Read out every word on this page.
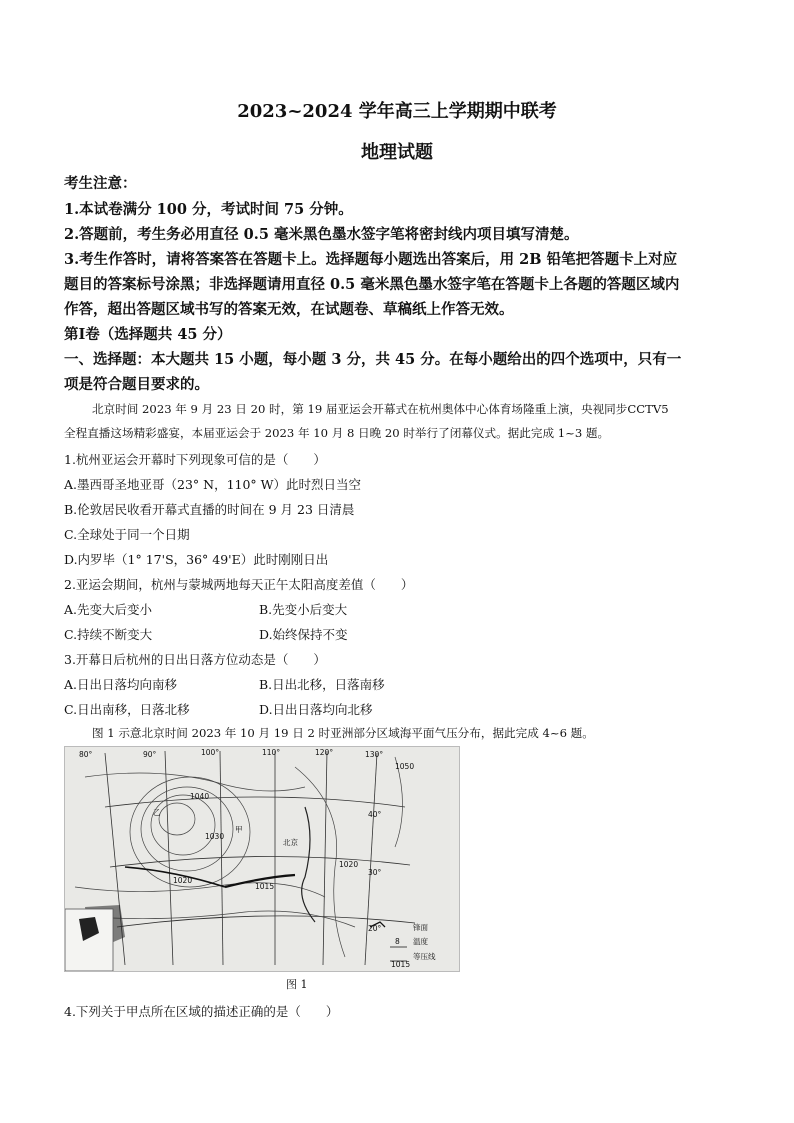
2023~2024 学年高三上学期期中联考
地理试题
考生注意：
1.本试卷满分 100 分，考试时间 75 分钟。
2.答题前，考生务必用直径 0.5 毫米黑色墨水签字笔将密封线内项目填写清楚。
3.考生作答时，请将答案答在答题卡上。选择题每小题选出答案后，用 2B 铅笔把答题卡上对应
题目的答案标号涂黑；非选择题请用直径 0.5 毫米黑色墨水签字笔在答题卡上各题的答题区域内
作答，超出答题区域书写的答案无效，在试题卷、草稿纸上作答无效。
第Ⅰ卷（选择题共 45 分）
一、选择题：本大题共 15 小题，每小题 3 分，共 45 分。在每小题给出的四个选项中，只有一
项是符合题目要求的。
北京时间 2023 年 9 月 23 日 20 时，第 19 届亚运会开幕式在杭州奥体中心体育场隆重上演，央视同步CCTV5
全程直播这场精彩盛宴，本届亚运会于 2023 年 10 月 8 日晚 20 时举行了闭幕仪式。据此完成 1~3 题。
1.杭州亚运会开幕时下列现象可信的是（　　）
A.墨西哥圣地亚哥（23° N，110° W）此时烈日当空
B.伦敦居民收看开幕式直播的时间在 9 月 23 日清晨
C.全球处于同一个日期
D.内罗毕（1° 17'S，36° 49'E）此时刚刚日出
2.亚运会期间，杭州与蒙城两地每天正午太阳高度差值（　　）
A.先变大后变小	B.先变小后变大
C.持续不断变大	D.始终保持不变
3.开幕日后杭州的日出日落方位动态是（　　）
A.日出日落均向南移	B.日出北移，日落南移
C.日出南移，日落北移	D.日出日落均向北移
图 1 示意北京时间 2023 年 10 月 19 日 2 时亚洲部分区域海平面气压分布，据此完成 4~6 题。
80°	90°	100°	110°	120°	130°
40°
30°
20°
1040
1030
1020
1015
1050
1020
甲
乙
北京
锋面
8 温度
1015
等压线
图 1
4.下列关于甲点所在区域的描述正确的是（　　）
